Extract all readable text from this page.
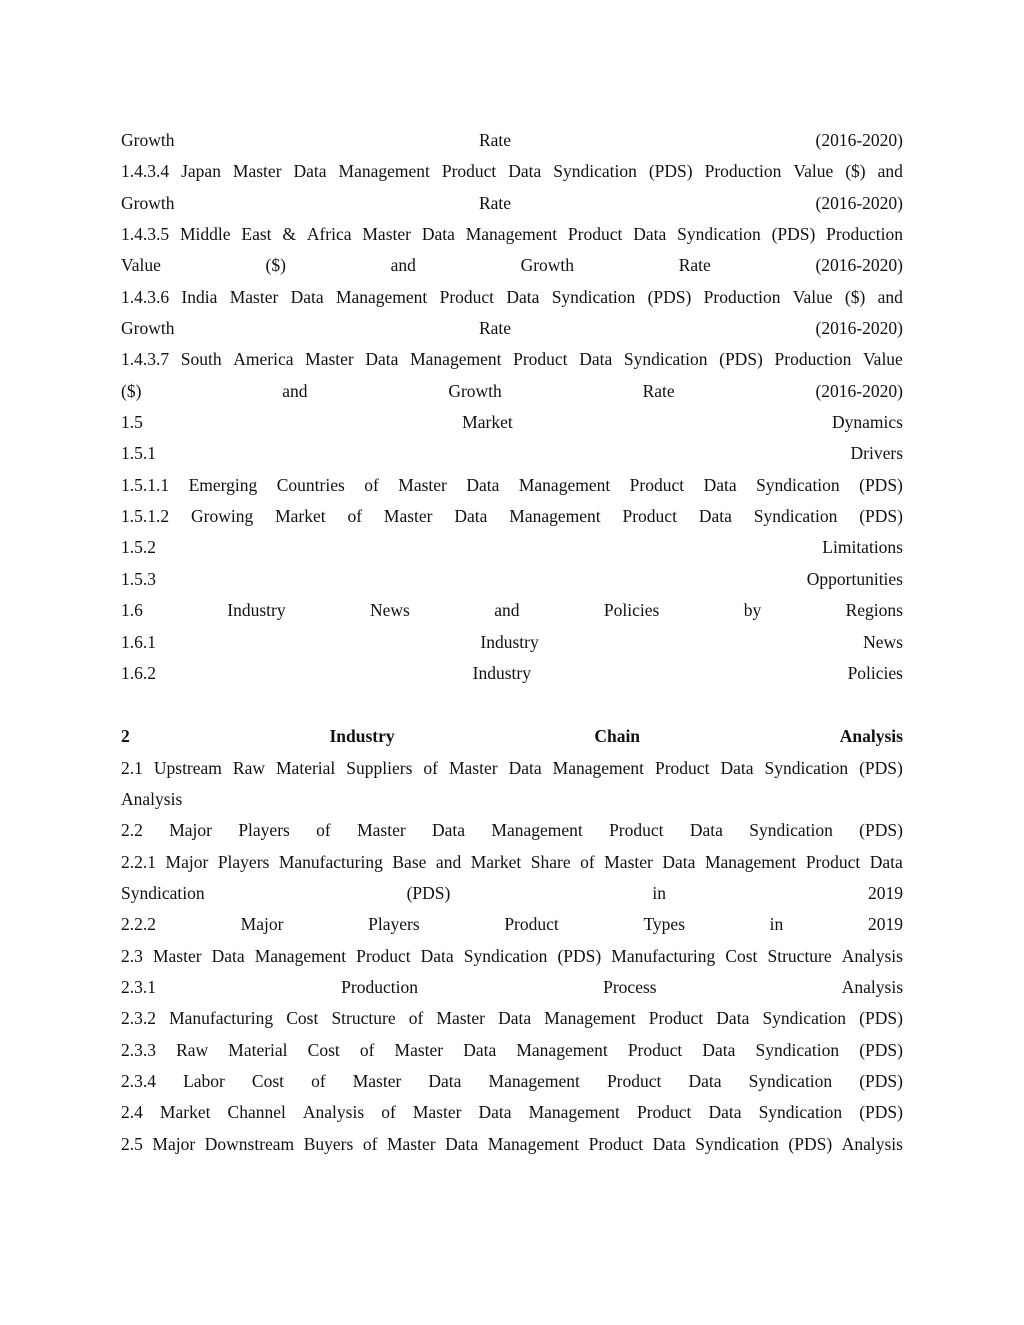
Growth	Rate	(2016-2020)
1.4.3.4 Japan Master Data Management Product Data Syndication (PDS) Production Value ($) and
Growth	Rate	(2016-2020)
1.4.3.5 Middle East & Africa Master Data Management Product Data Syndication (PDS) Production
Value	($)	and	Growth	Rate	(2016-2020)
1.4.3.6 India Master Data Management Product Data Syndication (PDS) Production Value ($) and
Growth	Rate	(2016-2020)
1.4.3.7 South America Master Data Management Product Data Syndication (PDS) Production Value
($)	and	Growth	Rate	(2016-2020)
1.5	Market	Dynamics
1.5.1	Drivers
1.5.1.1 Emerging Countries of Master Data Management Product Data Syndication (PDS)
1.5.1.2 Growing Market of Master Data Management Product Data Syndication (PDS)
1.5.2	Limitations
1.5.3	Opportunities
1.6	Industry	News	and	Policies	by	Regions
1.6.1	Industry	News
1.6.2	Industry	Policies
2	Industry	Chain	Analysis
2.1 Upstream Raw Material Suppliers of Master Data Management Product Data Syndication (PDS)
Analysis
2.2 Major Players of Master Data Management Product Data Syndication (PDS)
2.2.1 Major Players Manufacturing Base and Market Share of Master Data Management Product Data
Syndication	(PDS)	in	2019
2.2.2	Major	Players	Product	Types	in	2019
2.3 Master Data Management Product Data Syndication (PDS) Manufacturing Cost Structure Analysis
2.3.1	Production	Process	Analysis
2.3.2 Manufacturing Cost Structure of Master Data Management Product Data Syndication (PDS)
2.3.3 Raw Material Cost of Master Data Management Product Data Syndication (PDS)
2.3.4 Labor Cost of Master Data Management Product Data Syndication (PDS)
2.4 Market Channel Analysis of Master Data Management Product Data Syndication (PDS)
2.5 Major Downstream Buyers of Master Data Management Product Data Syndication (PDS) Analysis
